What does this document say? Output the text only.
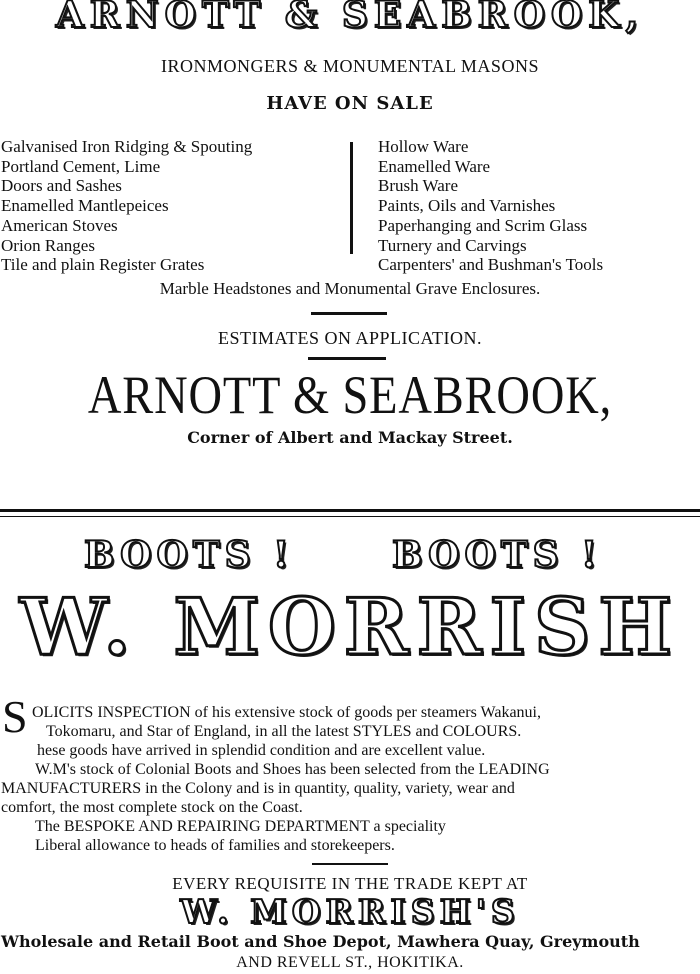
ARNOTT & SEABROOK,
IRONMONGERS & MONUMENTAL MASONS
HAVE ON SALE
Galvanised Iron Ridging & Spouting
Portland Cement, Lime
Doors and Sashes
Enamelled Mantlepeices
American Stoves
Orion Ranges
Tile and plain Register Grates
Hollow Ware
Enamelled Ware
Brush Ware
Paints, Oils and Varnishes
Paperhanging and Scrim Glass
Turnery and Carvings
Carpenters' and Bushman's Tools
Marble Headstones and Monumental Grave Enclosures.
ESTIMATES ON APPLICATION.
ARNOTT & SEABROOK,
Corner of Albert and Mackay Street.
BOOTS !	BOOTS !
W. MORRISH
S OLICITS INSPECTION of his extensive stock of goods per steamers Wakanui,
Tokomaru, and Star of England, in all the latest STYLES and COLOURS.
hese goods have arrived in splendid condition and are excellent value.
W.M's stock of Colonial Boots and Shoes has been selected from the LEADING
MANUFACTURERS in the Colony and is in quantity, quality, variety, wear and
comfort, the most complete stock on the Coast.
The BESPOKE AND REPAIRING DEPARTMENT a speciality
Liberal allowance to heads of families and storekeepers.
EVERY REQUISITE IN THE TRADE KEPT AT
W. MORRISH'S
Wholesale and Retail Boot and Shoe Depot, Mawhera Quay, Greymouth
AND REVELL ST., HOKITIKA.
